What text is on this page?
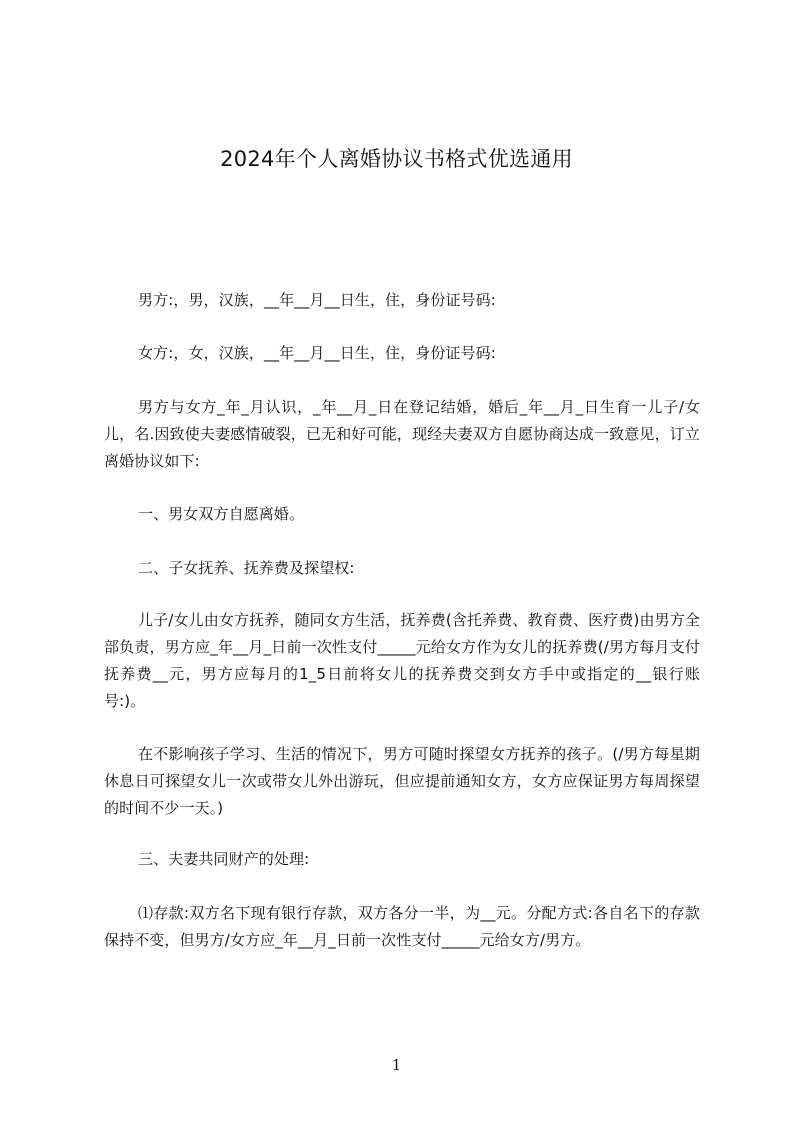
2024年个人离婚协议书格式优选通用

男方:，男，汉族，__年__月__日生，住，身份证号码:

女方:，女，汉族，__年__月__日生，住，身份证号码:

男方与女方_年_月认识，_年__月_日在登记结婚，婚后_年__月_日生育一儿子/女儿，名.因致使夫妻感情破裂，已无和好可能，现经夫妻双方自愿协商达成一致意见，订立离婚协议如下:

一、男女双方自愿离婚。

二、子女抚养、抚养费及探望权:

儿子/女儿由女方抚养，随同女方生活，抚养费(含托养费、教育费、医疗费)由男方全部负责，男方应_年__月_日前一次性支付_____元给女方作为女儿的抚养费(/男方每月支付抚养费__元，男方应每月的1_5日前将女儿的抚养费交到女方手中或指定的__银行账号:)。

在不影响孩子学习、生活的情况下，男方可随时探望女方抚养的孩子。(/男方每星期休息日可探望女儿一次或带女儿外出游玩，但应提前通知女方，女方应保证男方每周探望的时间不少一天。)

三、夫妻共同财产的处理:

⑴存款:双方名下现有银行存款，双方各分一半，为__元。分配方式:各自名下的存款保持不变，但男方/女方应_年__月_日前一次性支付_____元给女方/男方。

1
